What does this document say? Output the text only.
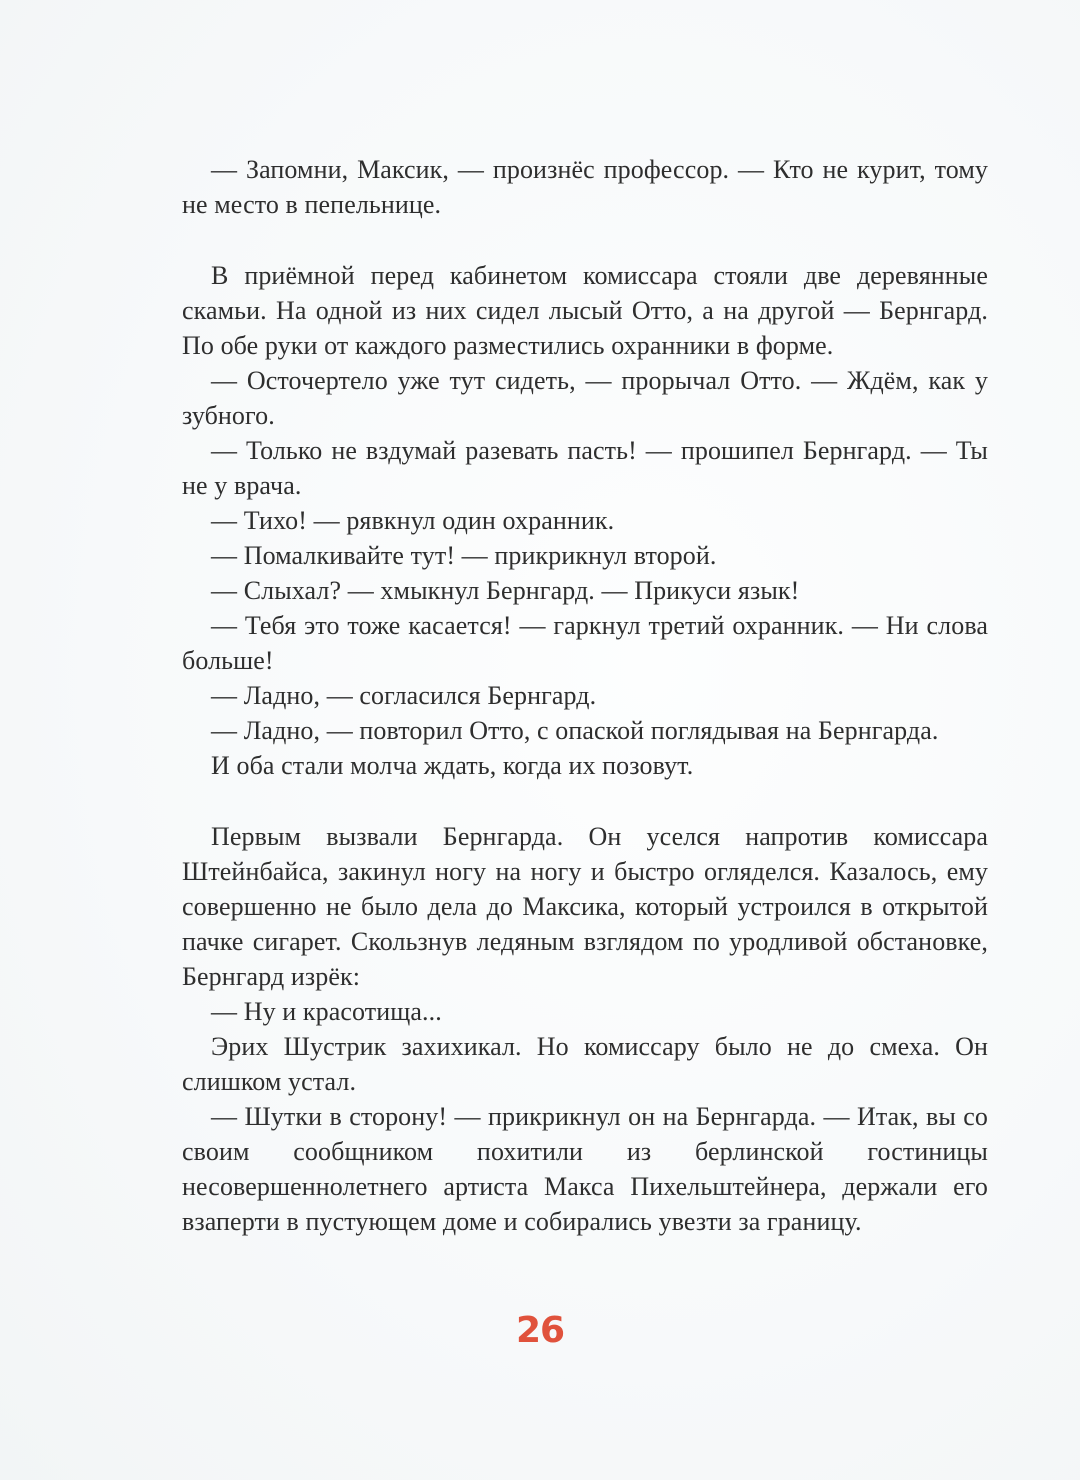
— Запомни, Максик, — произнёс профессор. — Кто не курит, тому не место в пепельнице.

В приёмной перед кабинетом комиссара стояли две деревянные скамьи. На одной из них сидел лысый Отто, а на другой — Бернгард. По обе руки от каждого разместились охранники в форме.

— Осточертело уже тут сидеть, — прорычал Отто. — Ждём, как у зубного.

— Только не вздумай разевать пасть! — прошипел Бернгард. — Ты не у врача.

— Тихо! — рявкнул один охранник.

— Помалкивайте тут! — прикрикнул второй.

— Слыхал? — хмыкнул Бернгард. — Прикуси язык!

— Тебя это тоже касается! — гаркнул третий охранник. — Ни слова больше!

— Ладно, — согласился Бернгард.

— Ладно, — повторил Отто, с опаской поглядывая на Бернгарда.

И оба стали молча ждать, когда их позовут.

Первым вызвали Бернгарда. Он уселся напротив комиссара Штейнбайса, закинул ногу на ногу и быстро огляделся. Казалось, ему совершенно не было дела до Максика, который устроился в открытой пачке сигарет. Скользнув ледяным взглядом по уродливой обстановке, Бернгард изрёк:

— Ну и красотища...

Эрих Шустрик захихикал. Но комиссару было не до смеха. Он слишком устал.

— Шутки в сторону! — прикрикнул он на Бернгарда. — Итак, вы со своим сообщником похитили из берлинской гостиницы несовершеннолетнего артиста Макса Пихельштейнера, держали его взаперти в пустующем доме и собирались увезти за границу.

26
